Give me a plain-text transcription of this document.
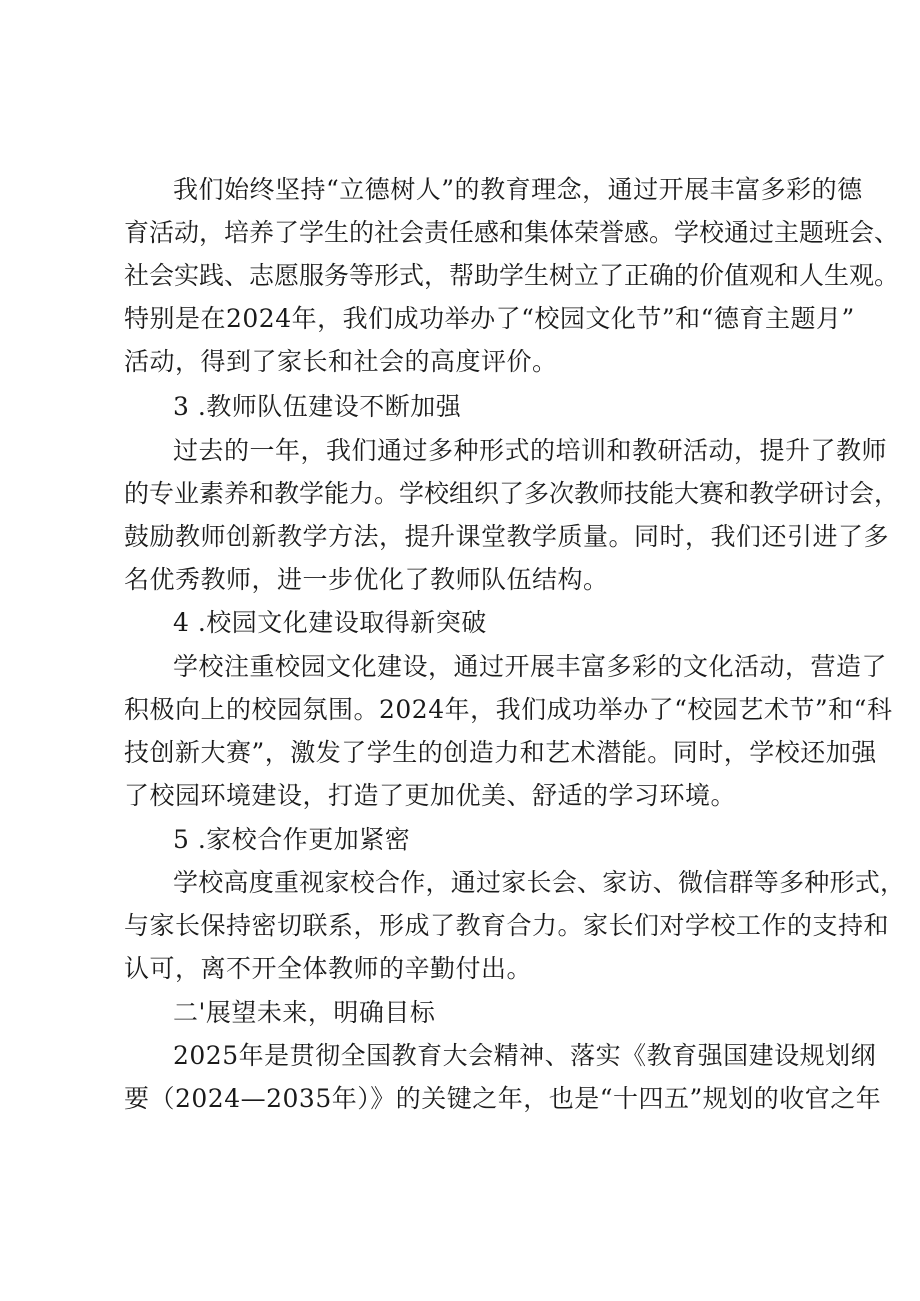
我们始终坚持“立德树人”的教育理念，通过开展丰富多彩的德
育活动，培养了学生的社会责任感和集体荣誉感。学校通过主题班会、
社会实践、志愿服务等形式，帮助学生树立了正确的价值观和人生观。
特别是在2024年，我们成功举办了“校园文化节”和“德育主题月”
活动，得到了家长和社会的高度评价。
3 .教师队伍建设不断加强
过去的一年，我们通过多种形式的培训和教研活动，提升了教师
的专业素养和教学能力。学校组织了多次教师技能大赛和教学研讨会，
鼓励教师创新教学方法，提升课堂教学质量。同时，我们还引进了多
名优秀教师，进一步优化了教师队伍结构。
4 .校园文化建设取得新突破
学校注重校园文化建设，通过开展丰富多彩的文化活动，营造了
积极向上的校园氛围。2024年，我们成功举办了“校园艺术节”和“科
技创新大赛”，激发了学生的创造力和艺术潜能。同时，学校还加强
了校园环境建设，打造了更加优美、舒适的学习环境。
5 .家校合作更加紧密
学校高度重视家校合作，通过家长会、家访、微信群等多种形式，
与家长保持密切联系，形成了教育合力。家长们对学校工作的支持和
认可，离不开全体教师的辛勤付出。
二'展望未来，明确目标
2025年是贯彻全国教育大会精神、落实《教育强国建设规划纲
要（2024—2035年）》的关键之年，也是“十四五”规划的收官之年
